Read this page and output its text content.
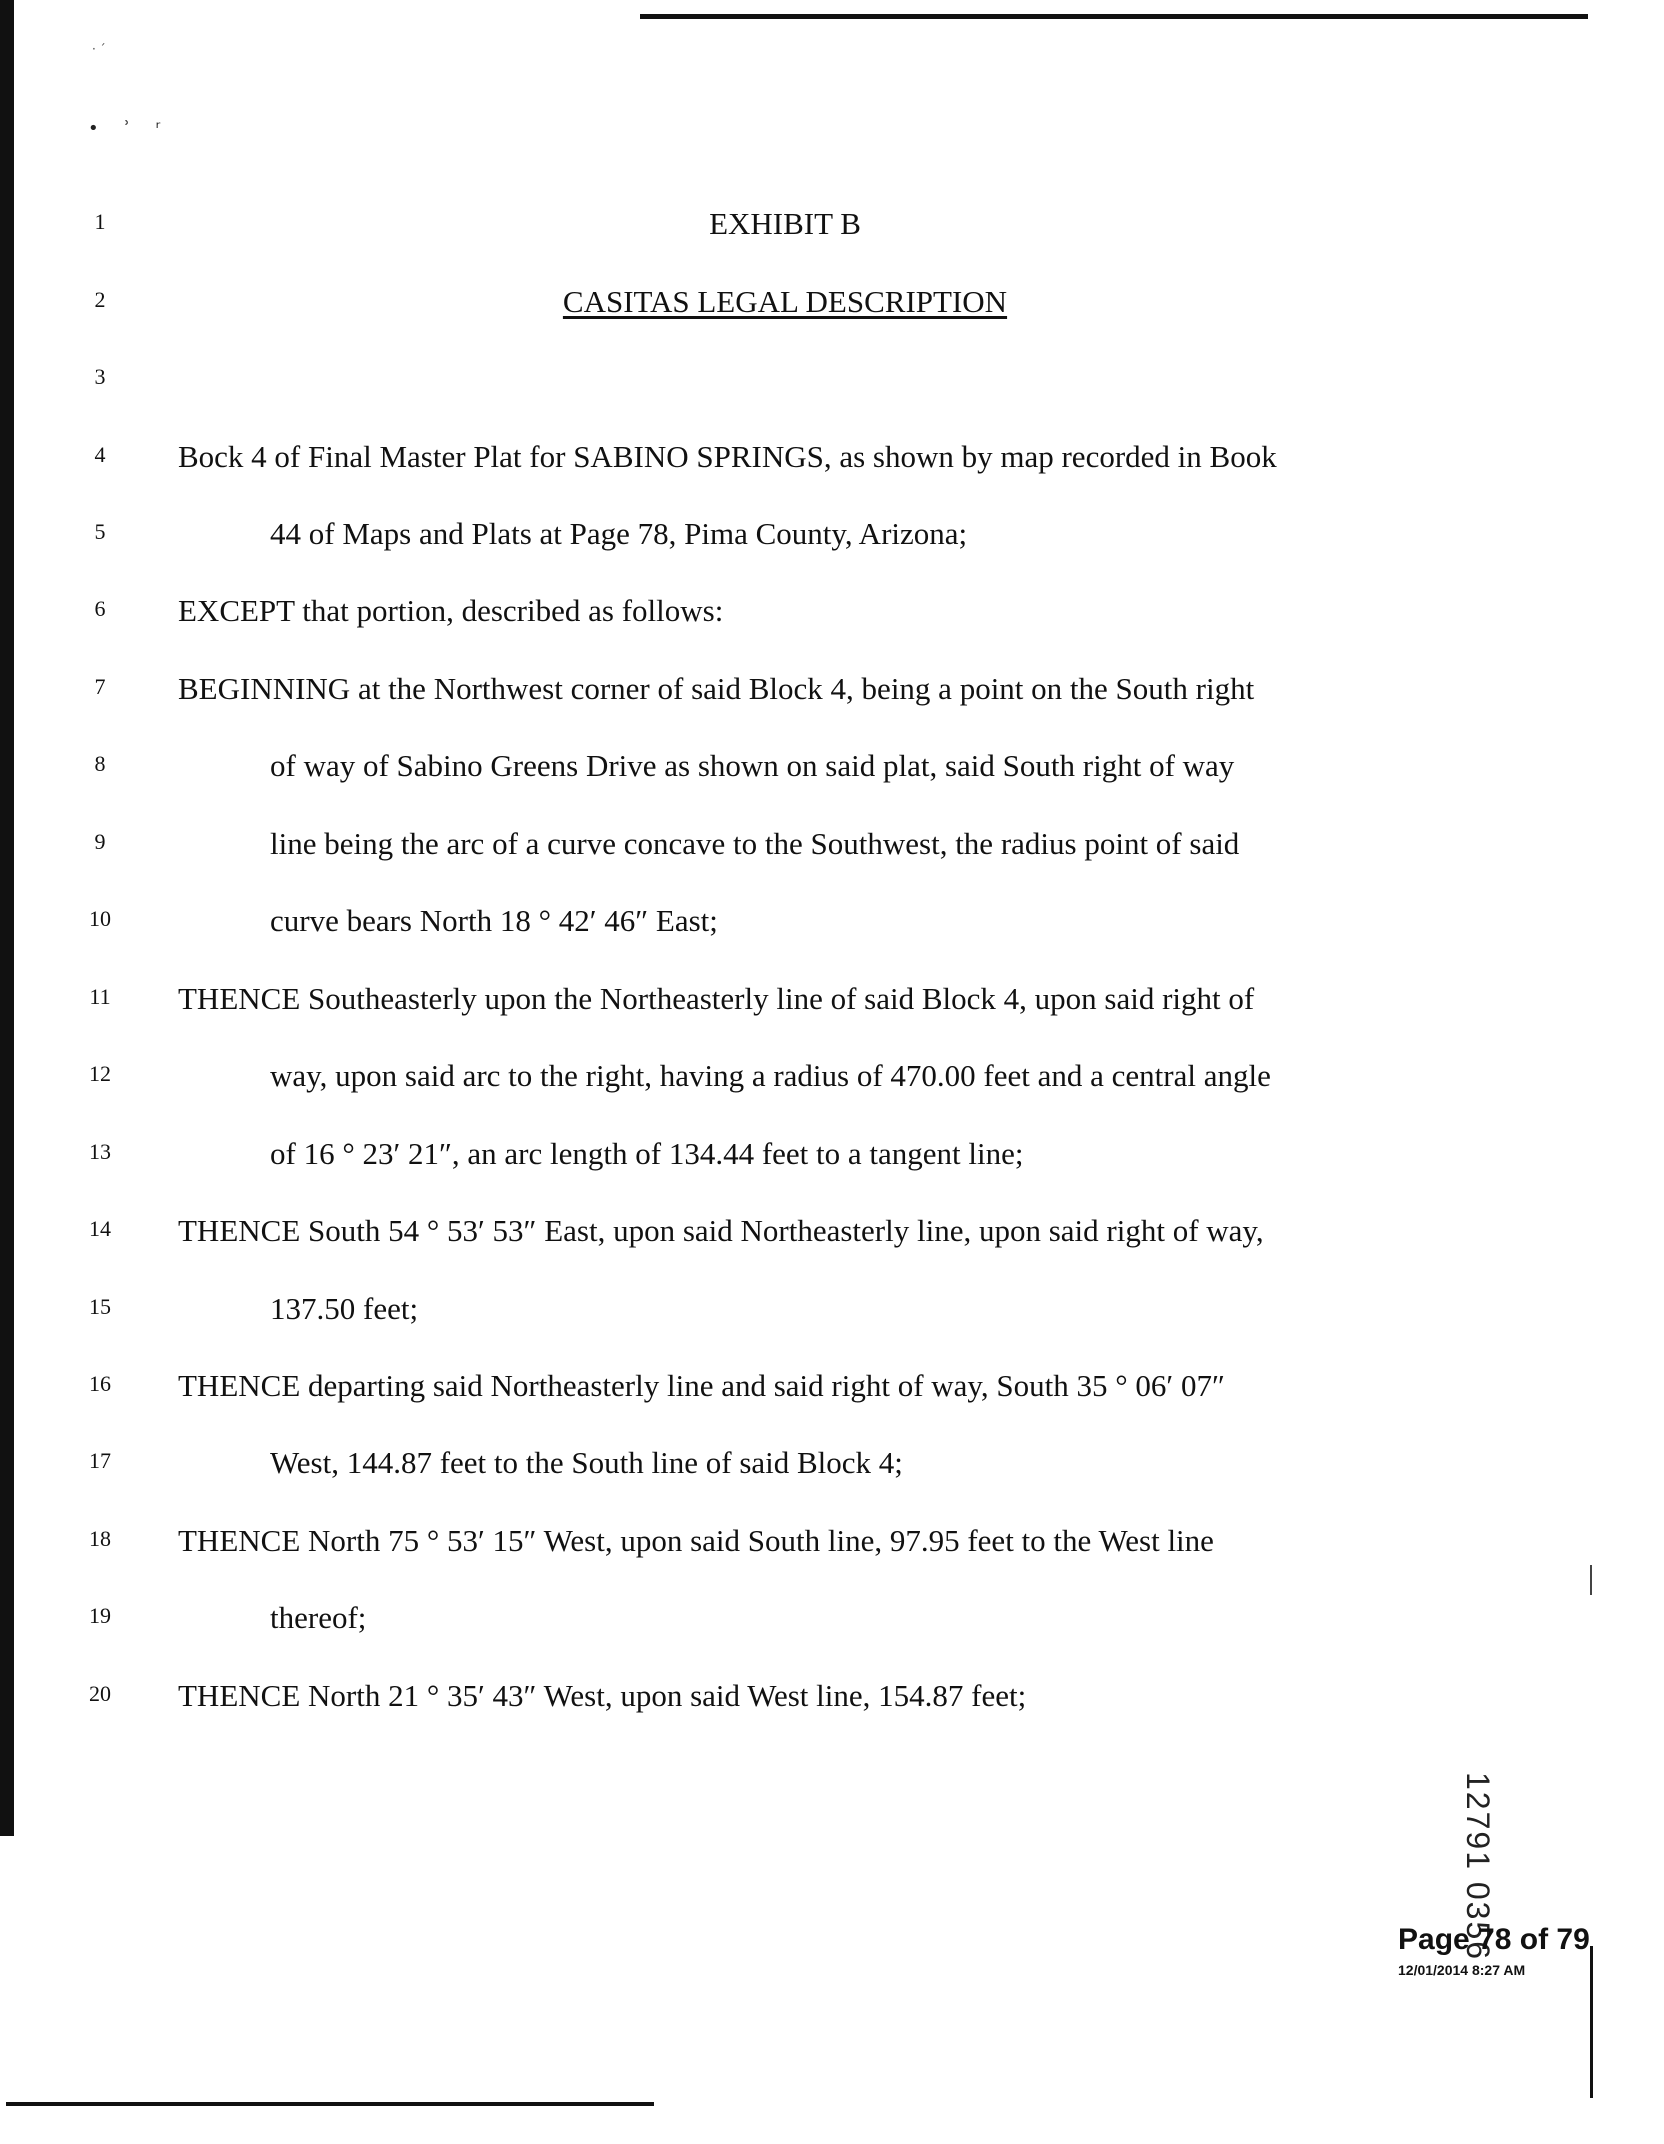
• ʾ ʳ
· ˊ
1
2
3
4
5
6
7
8
9
10
11
12
13
14
15
16
17
18
19
20
EXHIBIT B
CASITAS LEGAL DESCRIPTION
Bock 4 of Final Master Plat for SABINO SPRINGS, as shown by map recorded in Book
44 of Maps and Plats at Page 78, Pima County, Arizona;
EXCEPT that portion, described as follows:
BEGINNING at the Northwest corner of said Block 4, being a point on the South right
of way of Sabino Greens Drive as shown on said plat, said South right of way
line being the arc of a curve concave to the Southwest, the radius point of said
curve bears North 18 ° 42′ 46″ East;
THENCE Southeasterly upon the Northeasterly line of said Block 4, upon said right of
way, upon said arc to the right, having a radius of 470.00 feet and a central angle
of 16 ° 23′ 21″, an arc length of 134.44 feet to a tangent line;
THENCE South 54 ° 53′ 53″ East, upon said Northeasterly line, upon said right of way,
137.50 feet;
THENCE departing said Northeasterly line and said right of way, South 35 ° 06′ 07″
West, 144.87 feet to the South line of said Block 4;
THENCE North 75 ° 53′ 15″ West, upon said South line, 97.95 feet to the West line
thereof;
THENCE North 21 ° 35′ 43″ West, upon said West line, 154.87 feet;
12791 0356
Page 78 of 79
12/01/2014 8:27 AM
